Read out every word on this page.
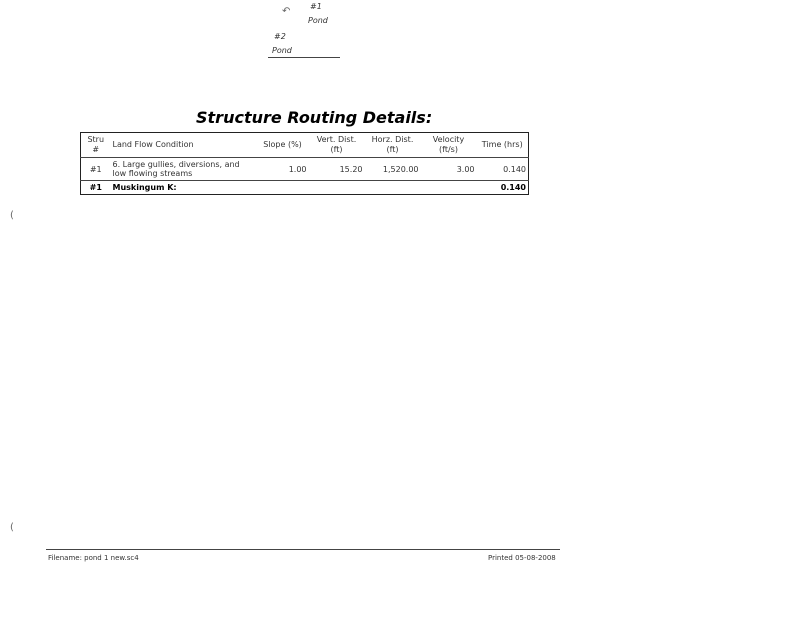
↶ #1
Pond
#2
Pond
Structure Routing Details:
Stru #	Land Flow Condition	Slope (%)	Vert. Dist. (ft)	Horz. Dist. (ft)	Velocity (ft/s)	Time (hrs)
#1	6. Large gullies, diversions, and low flowing streams	1.00	15.20	1,520.00	3.00	0.140
#1	Muskingum K:					0.140
(
(
Filename: pond 1 new.sc4	Printed 05-08-2008
